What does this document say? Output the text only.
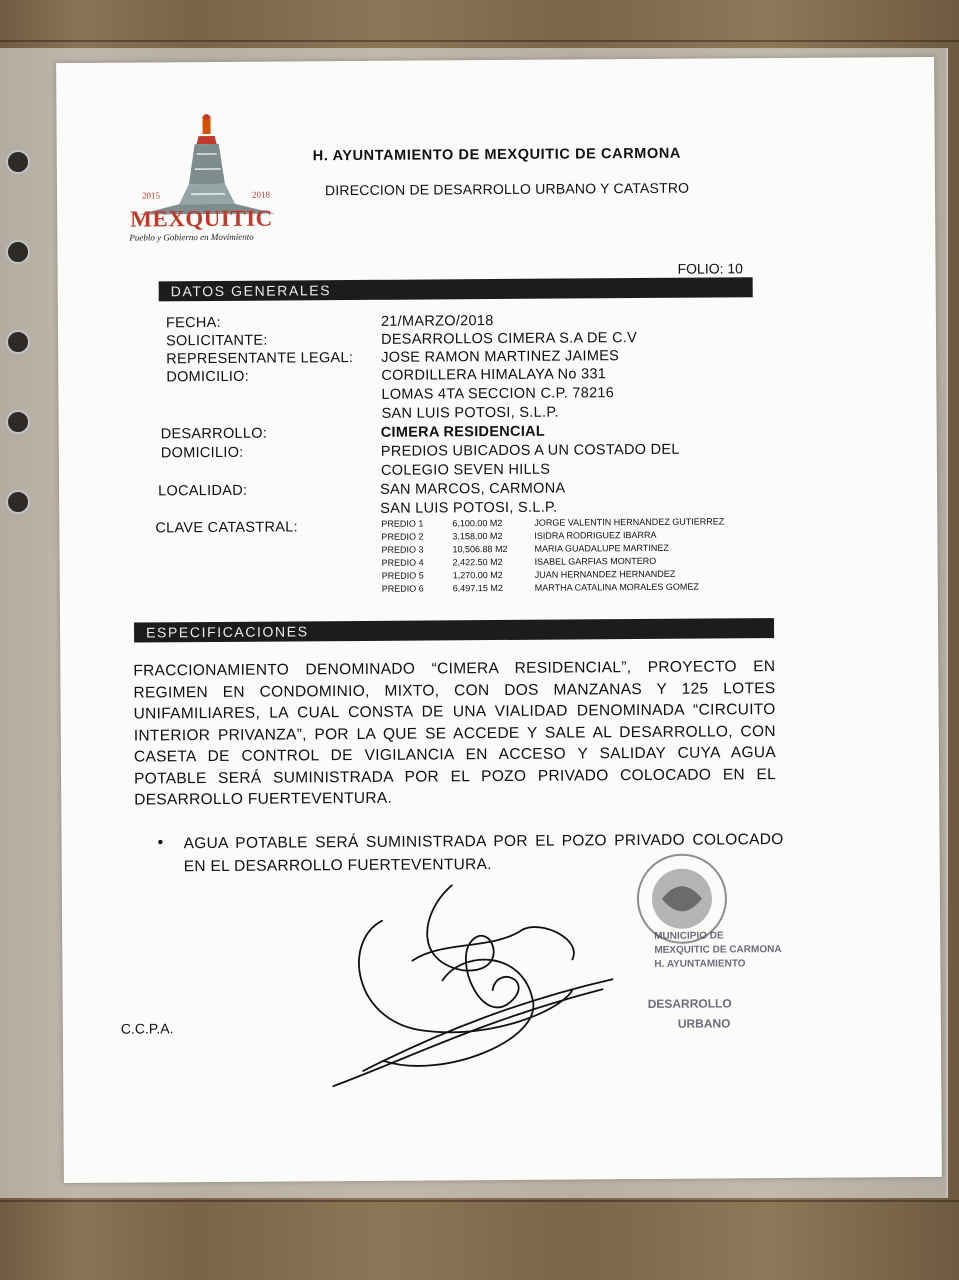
2015	2018
MEXQUITIC
Pueblo y Gobierno en Movimiento
H. AYUNTAMIENTO DE MEXQUITIC DE CARMONA
DIRECCION DE DESARROLLO URBANO Y CATASTRO
FOLIO: 10
DATOS GENERALES
FECHA:	21/MARZO/2018
SOLICITANTE:	DESARROLLOS CIMERA S.A DE C.V
REPRESENTANTE LEGAL: JOSE RAMON MARTINEZ JAIMES
DOMICILIO:	CORDILLERA HIMALAYA No 331
LOMAS 4TA SECCION C.P. 78216
SAN LUIS POTOSI, S.L.P.
DESARROLLO:	CIMERA RESIDENCIAL
DOMICILIO:	PREDIOS UBICADOS A UN COSTADO DEL
COLEGIO SEVEN HILLS
LOCALIDAD:	SAN MARCOS, CARMONA
SAN LUIS POTOSI, S.L.P.
CLAVE CATASTRAL:	PREDIO 1	6,100.00 M2	JORGE VALENTIN HERNANDEZ GUTIERREZ
PREDIO 2	3,158.00 M2	ISIDRA RODRIGUEZ IBARRA
PREDIO 3	10,506.88 M2	MARIA GUADALUPE MARTINEZ
PREDIO 4	2,422.50 M2	ISABEL GARFIAS MONTERO
PREDIO 5	1,270.00 M2	JUAN HERNANDEZ HERNANDEZ
PREDIO 6	6,497.15 M2	MARTHA CATALINA MORALES GOMEZ
ESPECIFICACIONES
FRACCIONAMIENTO DENOMINADO “CIMERA RESIDENCIAL”, PROYECTO EN REGIMEN EN CONDOMINIO, MIXTO, CON DOS MANZANAS Y 125 LOTES UNIFAMILIARES, LA CUAL CONSTA DE UNA VIALIDAD DENOMINADA “CIRCUITO INTERIOR PRIVANZA”, POR LA QUE SE ACCEDE Y SALE AL DESARROLLO, CON CASETA DE CONTROL DE VIGILANCIA EN ACCESO Y SALIDAY CUYA AGUA POTABLE SERÁ SUMINISTRADA POR EL POZO PRIVADO COLOCADO EN EL DESARROLLO FUERTEVENTURA.
• AGUA POTABLE SERÁ SUMINISTRADA POR EL POZO PRIVADO COLOCADO EN EL DESARROLLO FUERTEVENTURA.
MUNICIPIO DE
MEXQUITIC DE CARMONA
H. AYUNTAMIENTO
DESARROLLO
URBANO
C.C.P.A.
